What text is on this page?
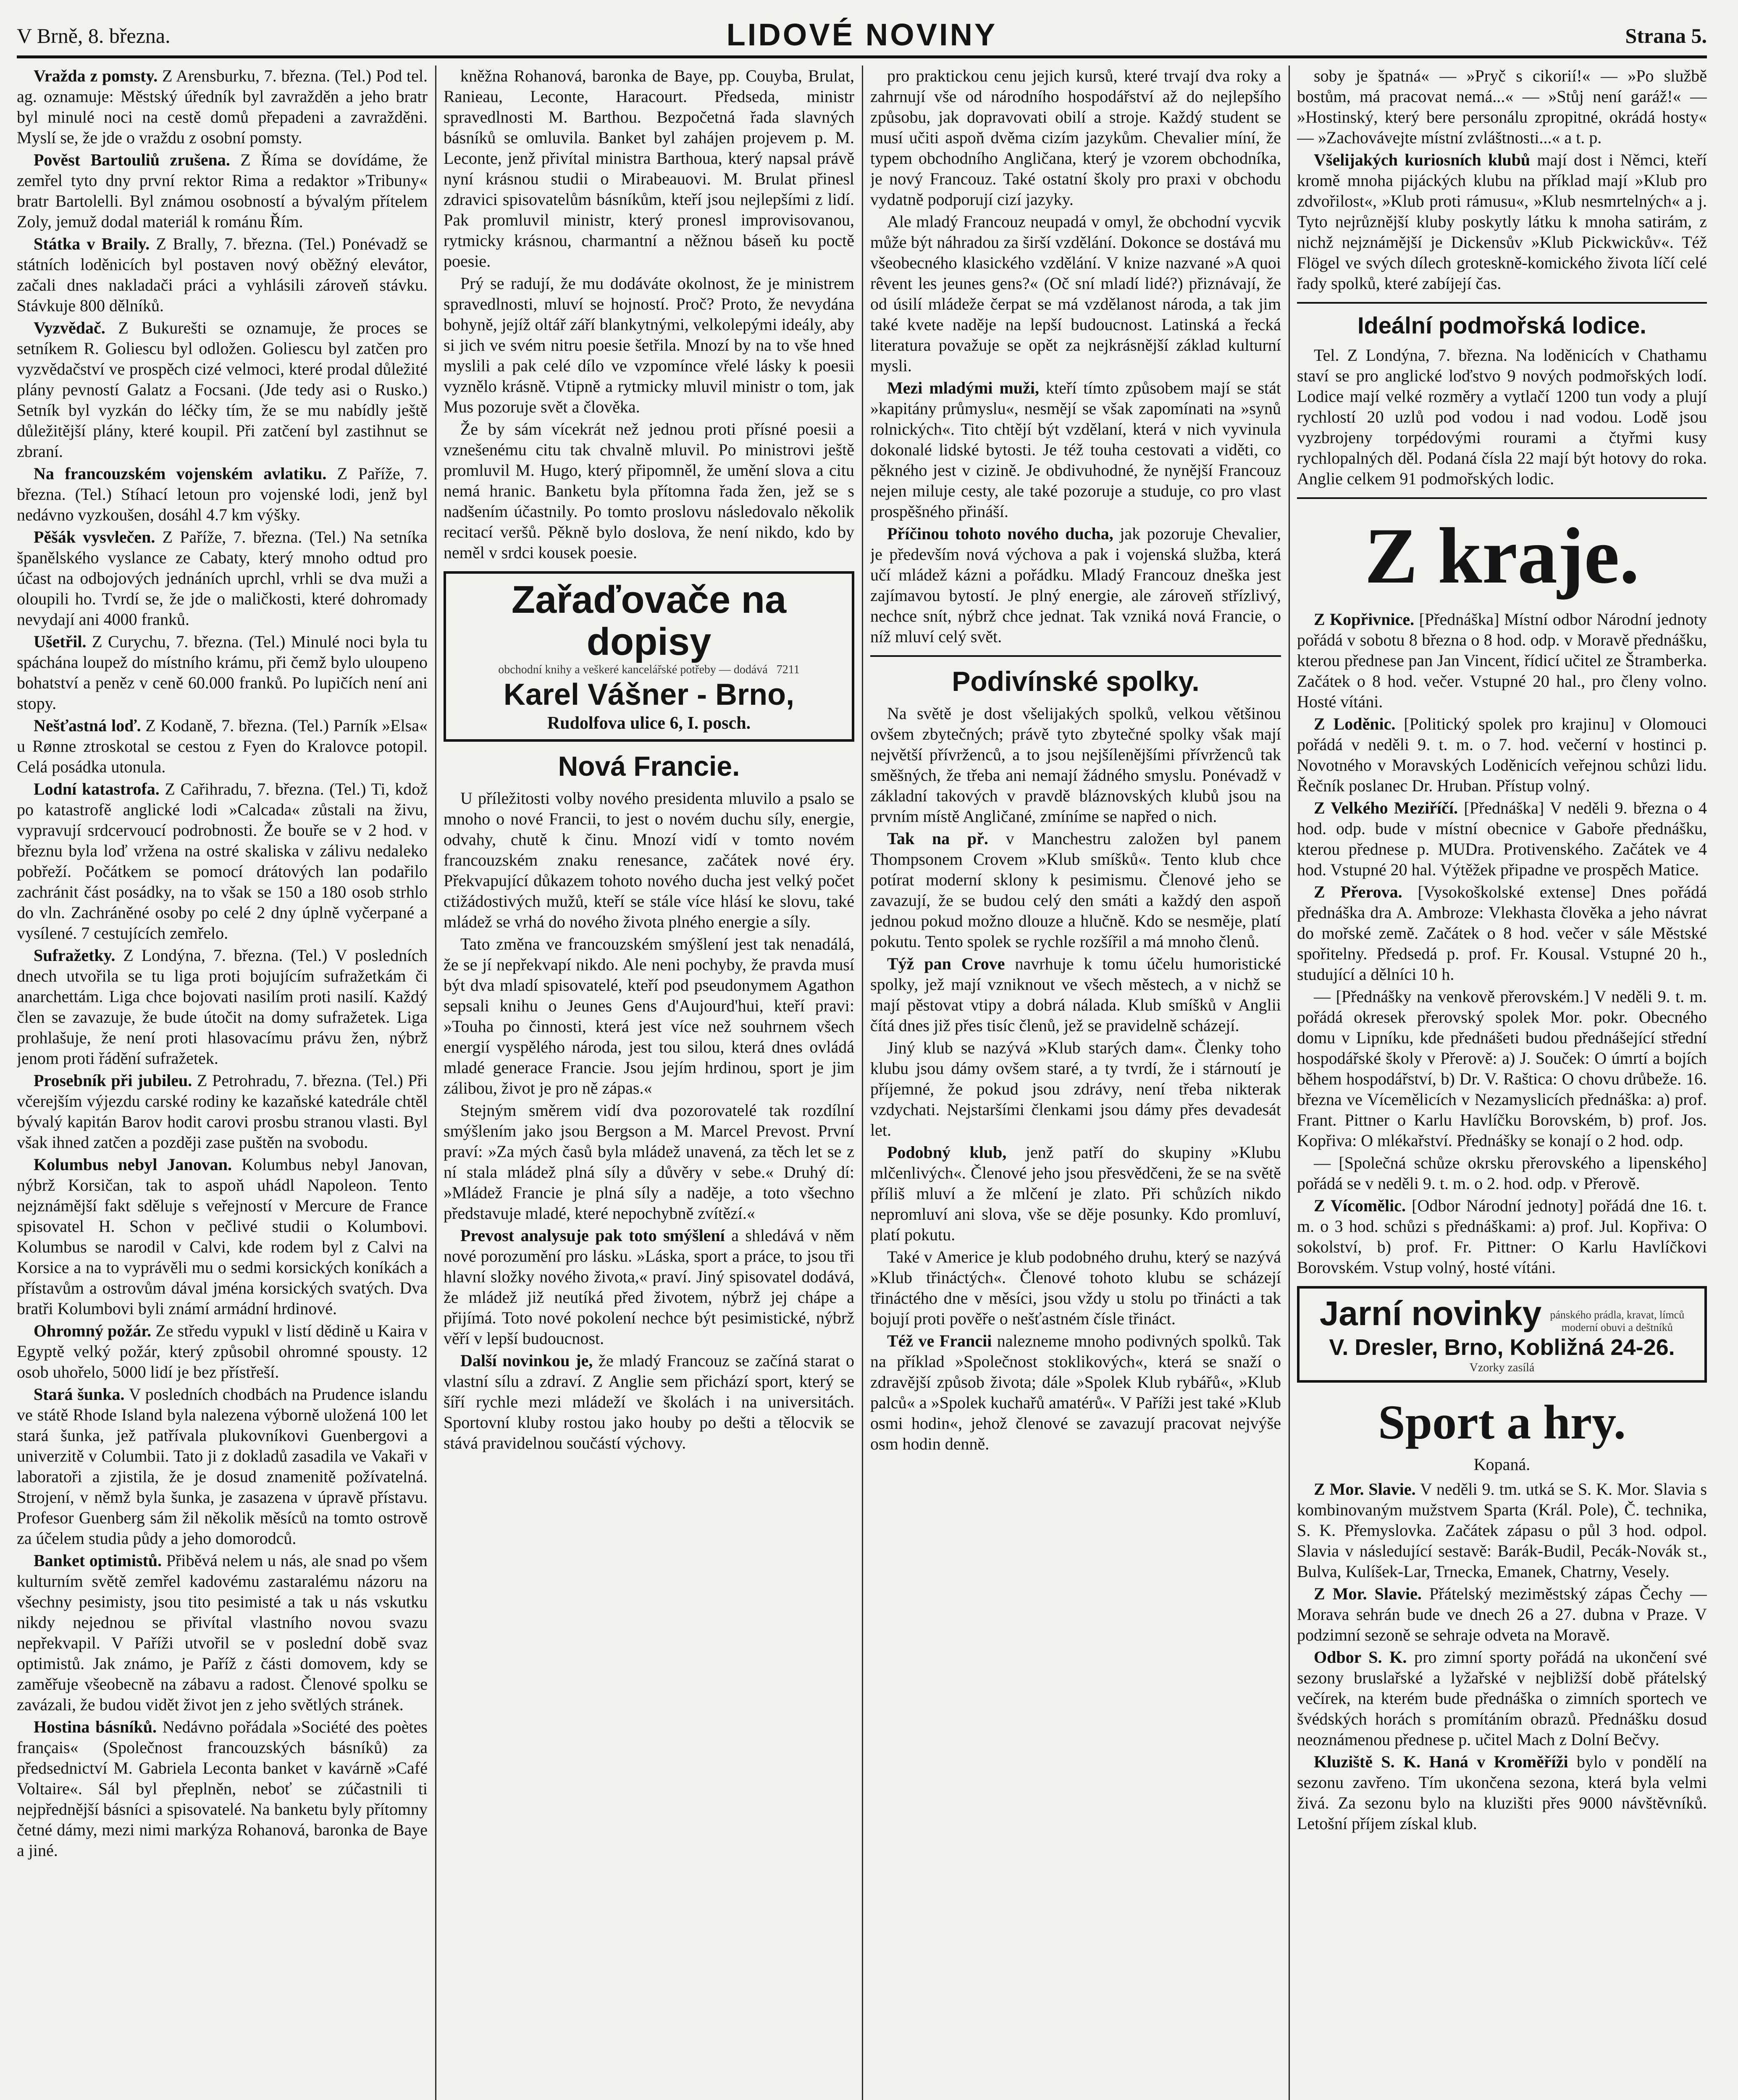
V Brně, 8. března.	LIDOVÉ NOVINY	Strana 5.

Vražda z pomsty. Z Arensburku, 7. března. (Tel.) Pod tel. ag. oznamuje: Městský úředník byl zavražděn a jeho bratr byl minulé noci na cestě domů přepadeni a zavražděni. Myslí se, že jde o vraždu z osobní pomsty.

Pověst Bartouliů zrušena. Z Říma se dovídáme, že zemřel tyto dny první rektor Rima a redaktor »Tribuny« bratr Bartolelli. Byl známou osobností a bývalým přítelem Zoly, jemuž dodal materiál k románu Řím.

Státka v Braily. Z Brally, 7. března. (Tel.) Ponévadž se státních loděnicích byl postaven nový oběžný elevátor, začali dnes nakladači práci a vyhlásili zároveň stávku. Stávkuje 800 dělníků.

Vyzvědač. Z Bukurešti se oznamuje, že proces se setníkem R. Goliescu byl odložen. Goliescu byl zatčen pro vyzvědačství ve prospěch cizé velmoci, které prodal důležité plány pevností Galatz a Focsani. (Jde tedy asi o Rusko.) Setník byl vyzkán do léčky tím, že se mu nabídly ještě důležitější plány, které koupil. Při zatčení byl zastihnut se zbraní.

Na francouzském vojenském avlatiku. Z Paříže, 7. března. (Tel.) Stíhací letoun pro vojenské lodi, jenž byl nedávno vyzkoušen, dosáhl 4.7 km výšky.

Pěšák vysvlečen. Z Paříže, 7. března. (Tel.) Na setníka španělského vyslance ze Cabaty, který mnoho odtud pro účast na odbojových jednáních uprchl, vrhli se dva muži a oloupili ho. Tvrdí se, že jde o maličkosti, které dohromady nevydají ani 4000 franků.

Ušetřil. Z Curychu, 7. března. (Tel.) Minulé noci byla tu spáchána loupež do místního krámu, při čemž bylo uloupeno bohatství a peněz v ceně 60.000 franků. Po lupičích není ani stopy.

Nešťastná loď. Z Kodaně, 7. března. (Tel.) Parník »Elsa« u Rønne ztroskotal se cestou z Fyen do Kralovce potopil. Celá posádka utonula.

Lodní katastrofa. Z Cařihradu, 7. března. (Tel.) Ti, kdož po katastrofě anglické lodi »Calcada« zůstali na živu, vypravují srdcervoucí podrobnosti. Že bouře se v 2 hod. v březnu byla loď vržena na ostré skaliska v zálivu nedaleko pobřeží. Počátkem se pomocí drátových lan podařilo zachránit část posádky, na to však se 150 a 180 osob strhlo do vln. Zachráněné osoby po celé 2 dny úplně vyčerpané a vysílené. 7 cestujících zemřelo.

Sufražetky. Z Londýna, 7. března. (Tel.) V posledních dnech utvořila se tu liga proti bojujícím sufražetkám či anarchettám. Liga chce bojovati nasilím proti nasilí. Každý člen se zavazuje, že bude útočit na domy sufražetek. Liga prohlašuje, že není proti hlasovacímu právu žen, nýbrž jenom proti řádění sufražetek.

Prosebník při jubileu. Z Petrohradu, 7. března. (Tel.) Při včerejším výjezdu carské rodiny ke kazaňské katedrále chtěl bývalý kapitán Barov hodit carovi prosbu stranou vlasti. Byl však ihned zatčen a později zase puštěn na svobodu.

Kolumbus nebyl Janovan. Kolumbus nebyl Janovan, nýbrž Korsičan, tak to aspoň uhádl Napoleon. Tento nejznámější fakt sděluje s veřejností v Mercure de France spisovatel H. Schon v pečlivé studii o Kolumbovi. Kolumbus se narodil v Calvi, kde rodem byl z Calvi na Korsice a na to vyprávěli mu o sedmi korsických koníkách a přístavům a ostrovům dával jména korsických svatých. Dva bratři Kolumbovi byli známí armádní hrdinové.

Ohromný požár. Ze středu vypukl v listí dědině u Kaira v Egyptě velký požár, který způsobil ohromné spousty. 12 osob uhořelo, 5000 lidí je bez přístřeší.

Stará šunka. V posledních chodbách na Prudence islandu ve státě Rhode Island byla nalezena výborně uložená 100 let stará šunka, jež patřívala plukovníkovi Guenbergovi a univerzitě v Columbii. Tato ji z dokladů zasadila ve Vakaři v laboratoři a zjistila, že je dosud znamenitě požívatelná. Strojení, v němž byla šunka, je zasazena v úpravě přístavu. Profesor Guenberg sám žil několik měsíců na tomto ostrově za účelem studia půdy a jeho domorodců.

Banket optimistů. Přiběvá nelem u nás, ale snad po všem kulturním světě zemřel kadovému zastaralému názoru na všechny pesimisty, jsou tito pesimisté a tak u nás vskutku nikdy nejednou se přivítal vlastního novou svazu nepřekvapil. V Paříži utvořil se v poslední době svaz optimistů. Jak známo, je Paříž z části domovem, kdy se zaměřuje všeobecně na zábavu a radost. Členové spolku se zavázali, že budou vidět život jen z jeho světlých stránek.

Hostina básníků. Nedávno pořádala »Société des poètes français« (Společnost francouzských básníků) za předsednictví M. Gabriela Leconta banket v kavárně »Café Voltaire«. Sál byl přeplněn, neboť se zúčastnili ti nejpřednější básníci a spisovatelé. Na banketu byly přítomny četné dámy, mezi nimi markýza Rohanová, baronka de Baye a jiné.

kněžna Rohanová, baronka de Baye, pp. Couyba, Brulat, Ranieau, Leconte, Haracourt. Předseda, ministr spravedlnosti M. Barthou. Bezpočetná řada slavných básníků se omluvila. Banket byl zahájen projevem p. M. Leconte, jenž přivítal ministra Barthoua, který napsal právě nyní krásnou studii o Mirabeauovi. M. Brulat přinesl zdravici spisovatelům básníkům, kteří jsou nejlepšími z lidí. Pak promluvil ministr, který pronesl improvisovanou, rytmicky krásnou, charmantní a něžnou báseň ku poctě poesie.

Prý se radují, že mu dodáváte okolnost, že je ministrem spravedlnosti, mluví se hojností. Proč? Proto, že nevydána bohyně, jejíž oltář září blankytnými, velkolepými ideály, aby si jich ve svém nitru poesie šetřila. Mnozí by na to vše hned myslili a pak celé dílo ve vzpomínce vřelé lásky k poesii vyznělo krásně. Vtipně a rytmicky mluvil ministr o tom, jak Mus pozoruje svět a člověka.

Že by sám vícekrát než jednou proti přísné poesii a vznešenému citu tak chvalně mluvil. Po ministrovi ještě promluvil M. Hugo, který připomněl, že umění slova a citu nemá hranic. Banketu byla přítomna řada žen, jež se s nadšením účastnily. Po tomto proslovu následovalo několik recitací veršů. Pěkně bylo doslova, že není nikdo, kdo by neměl v srdci kousek poesie.

Zařaďovače na dopisy
obchodní knihy a veškeré kancelářské potřeby — dodává 7211
Karel Vášner - Brno,
Rudolfova ulice 6, I. posch.
Nová Francie.

U příležitosti volby nového presidenta mluvilo a psalo se mnoho o nové Francii, to jest o novém duchu síly, energie, odvahy, chutě k činu. Mnozí vidí v tomto novém francouzském znaku renesance, začátek nové éry. Překvapující důkazem tohoto nového ducha jest velký počet ctižádostivých mužů, kteří se stále více hlásí ke slovu, také mládež se vrhá do nového života plného energie a síly.

Tato změna ve francouzském smýšlení jest tak nenadálá, že se jí nepřekvapí nikdo. Ale neni pochyby, že pravda musí být dva mladí spisovatelé, kteří pod pseudonymem Agathon sepsali knihu o Jeunes Gens d'Aujourd'hui, kteří pravi: »Touha po činnosti, která jest více než souhrnem všech energií vyspělého národa, jest tou silou, která dnes ovládá mladé generace Francie. Jsou jejím hrdinou, sport je jim zálibou, život je pro ně zápas.«

Stejným směrem vidí dva pozorovatelé tak rozdílní smýšlením jako jsou Bergson a M. Marcel Prevost. První praví: »Za mých časů byla mládež unavená, za těch let se z ní stala mládež plná síly a důvěry v sebe.« Druhý dí: »Mládež Francie je plná síly a naděje, a toto všechno představuje mladé, které nepochybně zvítězí.«

Prevost analysuje pak toto smýšlení a shledává v něm nové porozumění pro lásku. »Láska, sport a práce, to jsou tři hlavní složky nového života,« praví. Jiný spisovatel dodává, že mládež již neutíká před životem, nýbrž jej chápe a přijímá. Toto nové pokolení nechce být pesimistické, nýbrž věří v lepší budoucnost.

Další novinkou je, že mladý Francouz se začíná starat o vlastní sílu a zdraví. Z Anglie sem přichází sport, který se šíří rychle mezi mládeží ve školách i na universitách. Sportovní kluby rostou jako houby po dešti a tělocvik se stává pravidelnou součástí výchovy.

pro praktickou cenu jejich kursů, které trvají dva roky a zahrnují vše od národního hospodářství až do nejlepšího způsobu, jak dopravovati obilí a stroje. Každý student se musí učiti aspoň dvěma cizím jazykům. Chevalier míní, že typem obchodního Angličana, který je vzorem obchodníka, je nový Francouz. Také ostatní školy pro praxi v obchodu vydatně podporují cizí jazyky.

Ale mladý Francouz neupadá v omyl, že obchodní vycvik může být náhradou za širší vzdělání. Dokonce se dostává mu všeobecného klasického vzdělání. V knize nazvané »A quoi rêvent les jeunes gens?« (Oč sní mladí lidé?) přiznávají, že od úsilí mládeže čerpat se má vzdělanost národa, a tak jim také kvete naděje na lepší budoucnost. Latinská a řecká literatura považuje se opět za nejkrásnější základ kulturní mysli.

Mezi mladými muži, kteří tímto způsobem mají se stát »kapitány průmyslu«, nesmějí se však zapomínati na »synů rolnických«. Tito chtějí být vzdělaní, která v nich vyvinula dokonalé lidské bytosti. Je též touha cestovati a viděti, co pěkného jest v cizině. Je obdivuhodné, že nynější Francouz nejen miluje cesty, ale také pozoruje a studuje, co pro vlast prospěšného přináší.

Příčinou tohoto nového ducha, jak pozoruje Chevalier, je především nová výchova a pak i vojenská služba, která učí mládež kázni a pořádku. Mladý Francouz dneška jest zajímavou bytostí. Je plný energie, ale zároveň střízlivý, nechce snít, nýbrž chce jednat. Tak vzniká nová Francie, o níž mluví celý svět.

Podivínské spolky.

Na světě je dost všelijakých spolků, velkou většinou ovšem zbytečných; právě tyto zbytečné spolky však mají největší přívrženců, a to jsou nejšílenějšími přívrženců tak směšných, že třeba ani nemají žádného smyslu. Ponévadž v základní takových v pravdě bláznovských klubů jsou na prvním místě Angličané, zmíníme se napřed o nich.

Tak na př. v Manchestru založen byl panem Thompsonem Crovem »Klub smíšků«. Tento klub chce potírat moderní sklony k pesimismu. Členové jeho se zavazují, že se budou celý den smáti a každý den aspoň jednou pokud možno dlouze a hlučně. Kdo se nesměje, platí pokutu. Tento spolek se rychle rozšířil a má mnoho členů.

Týž pan Crove navrhuje k tomu účelu humoristické spolky, jež mají vzniknout ve všech městech, a v nichž se mají pěstovat vtipy a dobrá nálada. Klub smíšků v Anglii čítá dnes již přes tisíc členů, jež se pravidelně scházejí.

Jiný klub se nazývá »Klub starých dam«. Členky toho klubu jsou dámy ovšem staré, a ty tvrdí, že i stárnoutí je příjemné, že pokud jsou zdrávy, není třeba nikterak vzdychati. Nejstaršími členkami jsou dámy přes devadesát let.

Podobný klub, jenž patří do skupiny »Klubu mlčenlivých«. Členové jeho jsou přesvědčeni, že se na světě příliš mluví a že mlčení je zlato. Při schůzích nikdo nepromluví ani slova, vše se děje posunky. Kdo promluví, platí pokutu.

Také v Americe je klub podobného druhu, který se nazývá »Klub třináctých«. Členové tohoto klubu se scházejí třináctého dne v měsíci, jsou vždy u stolu po třinácti a tak bojují proti pověře o nešťastném čísle třináct.

Též ve Francii nalezneme mnoho podivných spolků. Tak na příklad »Společnost stoklikových«, která se snaží o zdravější způsob života; dále »Spolek Klub rybářů«, »Klub palců« a »Spolek kuchařů amatérů«. V Paříži jest také »Klub osmi hodin«, jehož členové se zavazují pracovat nejvýše osm hodin denně.

soby je špatná« — »Pryč s cikorií!« — »Po službě bostům, má pracovat nemá...« — »Stůj není garáž!« — »Hostinský, který bere personálu zpropitné, okrádá hosty« — »Zachovávejte místní zvláštnosti...« a t. p.

Všelijakých kuriosních klubů mají dost i Němci, kteří kromě mnoha pijáckých klubu na příklad mají »Klub pro zdvořilost«, »Klub proti rámusu«, »Klub nesmrtelných« a j. Tyto nejrůznější kluby poskytly látku k mnoha satirám, z nichž nejznámější je Dickensův »Klub Pickwickův«. Též Flögel ve svých dílech groteskně-komického života líčí celé řady spolků, které zabíjejí čas.

Ideální podmořská lodice.

Tel. Z Londýna, 7. března. Na loděnicích v Chathamu staví se pro anglické loďstvo 9 nových podmořských lodí. Lodice mají velké rozměry a vytlačí 1200 tun vody a plují rychlostí 20 uzlů pod vodou i nad vodou. Lodě jsou vyzbrojeny torpédovými rourami a čtyřmi kusy rychlopalných děl. Podaná čísla 22 mají být hotovy do roka. Anglie celkem 91 podmořských lodic.

Z kraje.

Z Kopřivnice. [Přednáška] Místní odbor Národní jednoty pořádá v sobotu 8 března o 8 hod. odp. v Moravě přednášku, kterou přednese pan Jan Vincent, řídicí učitel ze Štramberka. Začátek o 8 hod. večer. Vstupné 20 hal., pro členy volno. Hosté vítáni.

Z Loděnic. [Politický spolek pro krajinu] v Olomouci pořádá v neděli 9. t. m. o 7. hod. večerní v hostinci p. Novotného v Moravských Loděnicích veřejnou schůzi lidu. Řečník poslanec Dr. Hruban. Přístup volný.

Z Velkého Meziříčí. [Přednáška] V neděli 9. března o 4 hod. odp. bude v místní obecnice v Gaboře přednášku, kterou přednese p. MUDra. Protivenského. Začátek ve 4 hod. Vstupné 20 hal. Výtěžek připadne ve prospěch Matice.

Z Přerova. [Vysokoškolské extense] Dnes pořádá přednáška dra A. Ambroze: Vlekhasta člověka a jeho návrat do mořské země. Začátek o 8 hod. večer v sále Městské spořitelny. Předsedá p. prof. Fr. Kousal. Vstupné 20 h., studující a dělníci 10 h.

— [Přednášky na venkově přerovském.] V neděli 9. t. m. pořádá okresek přerovský spolek Mor. pokr. Obecného domu v Lipníku, kde přednášeti budou přednášející střední hospodářské školy v Přerově: a) J. Souček: O úmrtí a bojích během hospodářství, b) Dr. V. Raštica: O chovu drůbeže. 16. března ve Vícemělicích v Nezamyslicích přednáška: a) prof. Frant. Pittner o Karlu Havlíčku Borovském, b) prof. Jos. Kopřiva: O mlékařství. Přednášky se konají o 2 hod. odp.

— [Společná schůze okrsku přerovského a lipenského] pořádá se v neděli 9. t. m. o 2. hod. odp. v Přerově.

Z Vícomělic. [Odbor Národní jednoty] pořádá dne 16. t. m. o 3 hod. schůzi s přednáškami: a) prof. Jul. Kopřiva: O sokolství, b) prof. Fr. Pittner: O Karlu Havlíčkovi Borovském. Vstup volný, hosté vítáni.

Jarní novinky pánského prádla, kravat, límců
moderní obuvi a deštníků
V. Dresler, Brno, Kobližná 24-26.
Vzorky zasílá
Sport a hry.
Kopaná.

Z Mor. Slavie. V neděli 9. tm. utká se S. K. Mor. Slavia s kombinovaným mužstvem Sparta (Král. Pole), Č. technika, S. K. Přemyslovka. Začátek zápasu o půl 3 hod. odpol. Slavia v následující sestavě: Barák-Budil, Pecák-Novák st., Bulva, Kulíšek-Lar, Trnecka, Emanek, Chatrny, Vesely.

Z Mor. Slavie. Přátelský meziměstský zápas Čechy — Morava sehrán bude ve dnech 26 a 27. dubna v Praze. V podzimní sezoně se sehraje odveta na Moravě.

Odbor S. K. pro zimní sporty pořádá na ukončení své sezony bruslařské a lyžařské v nejbližší době přátelský večírek, na kterém bude přednáška o zimních sportech ve švédských horách s promítáním obrazů. Přednášku dosud neoznámenou přednese p. učitel Mach z Dolní Bečvy.

Kluziště S. K. Haná v Kroměříži bylo v pondělí na sezonu zavřeno. Tím ukončena sezona, která byla velmi živá. Za sezonu bylo na kluzišti přes 9000 návštěvníků. Letošní příjem získal klub.
